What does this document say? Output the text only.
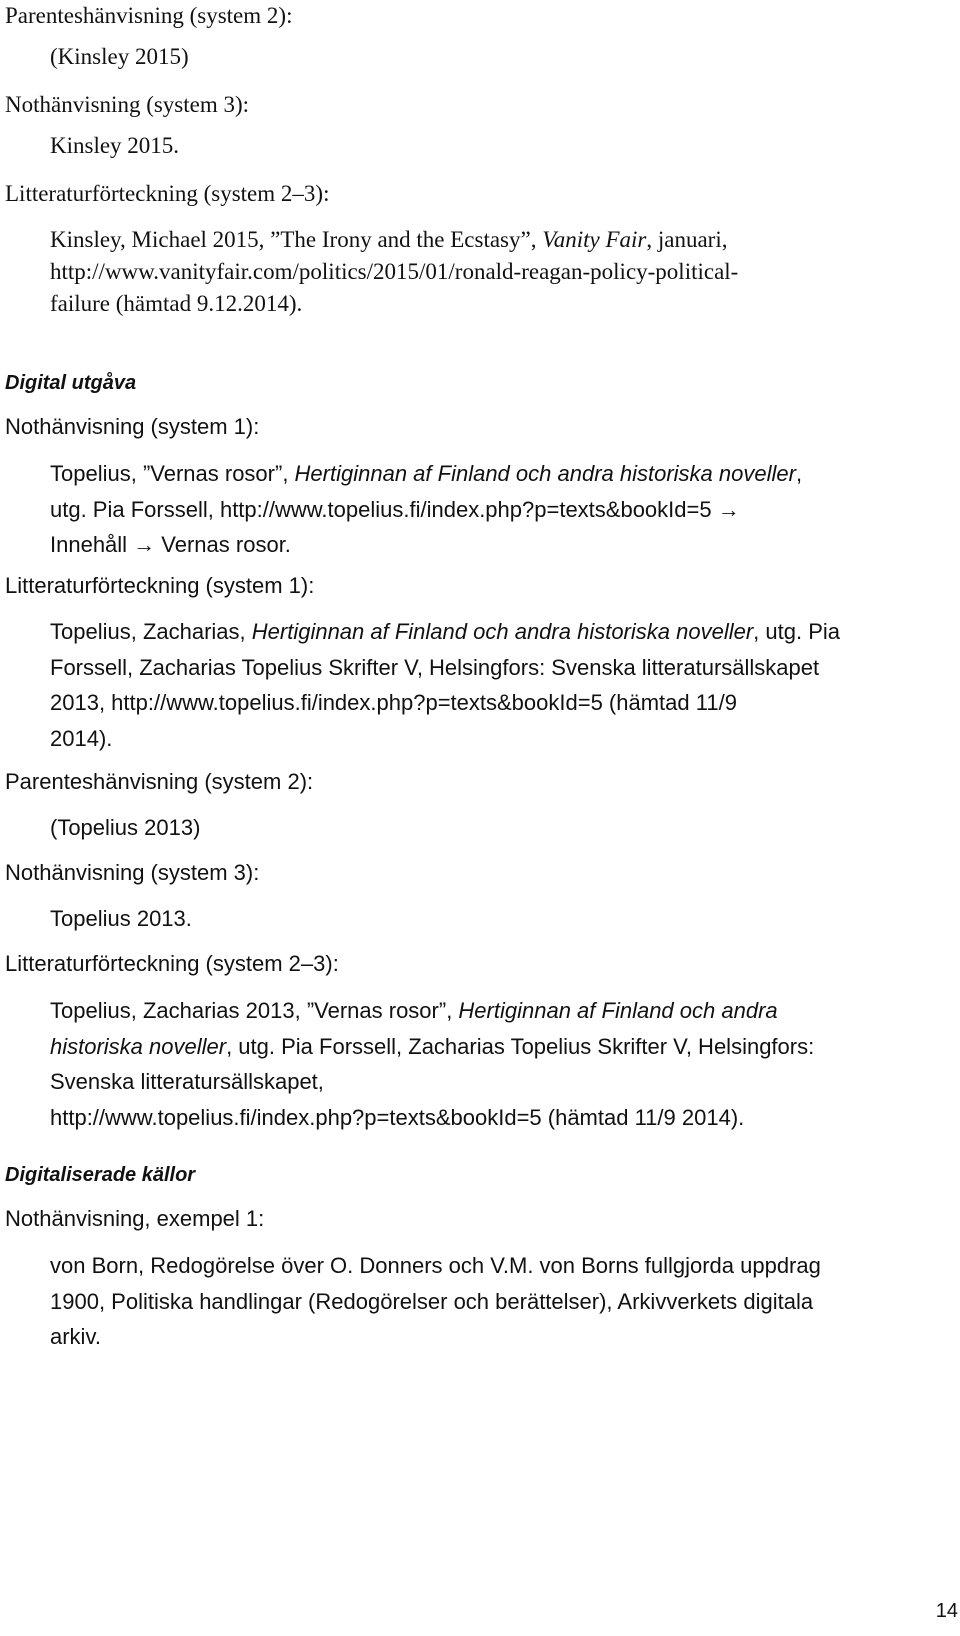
Parenteshänvisning (system 2):
(Kinsley 2015)
Nothänvisning (system 3):
Kinsley 2015.
Litteraturförteckning (system 2–3):
Kinsley, Michael 2015, ”The Irony and the Ecstasy”, Vanity Fair, januari,
http://www.vanityfair.com/politics/2015/01/ronald-reagan-policy-political-
failure (hämtad 9.12.2014).
Digital utgåva
Nothänvisning (system 1):
Topelius, ”Vernas rosor”, Hertiginnan af Finland och andra historiska noveller,
utg. Pia Forssell, http://www.topelius.fi/index.php?p=texts&bookId=5 →
Innehåll → Vernas rosor.
Litteraturförteckning (system 1):
Topelius, Zacharias, Hertiginnan af Finland och andra historiska noveller, utg. Pia
Forssell, Zacharias Topelius Skrifter V, Helsingfors: Svenska litteratursällskapet
2013, http://www.topelius.fi/index.php?p=texts&bookId=5 (hämtad 11/9
2014).
Parenteshänvisning (system 2):
(Topelius 2013)
Nothänvisning (system 3):
Topelius 2013.
Litteraturförteckning (system 2–3):
Topelius, Zacharias 2013, ”Vernas rosor”, Hertiginnan af Finland och andra
historiska noveller, utg. Pia Forssell, Zacharias Topelius Skrifter V, Helsingfors:
Svenska litteratursällskapet,
http://www.topelius.fi/index.php?p=texts&bookId=5 (hämtad 11/9 2014).
Digitaliserade källor
Nothänvisning, exempel 1:
von Born, Redogörelse över O. Donners och V.M. von Borns fullgjorda uppdrag
1900, Politiska handlingar (Redogörelser och berättelser), Arkivverkets digitala
arkiv.
14
